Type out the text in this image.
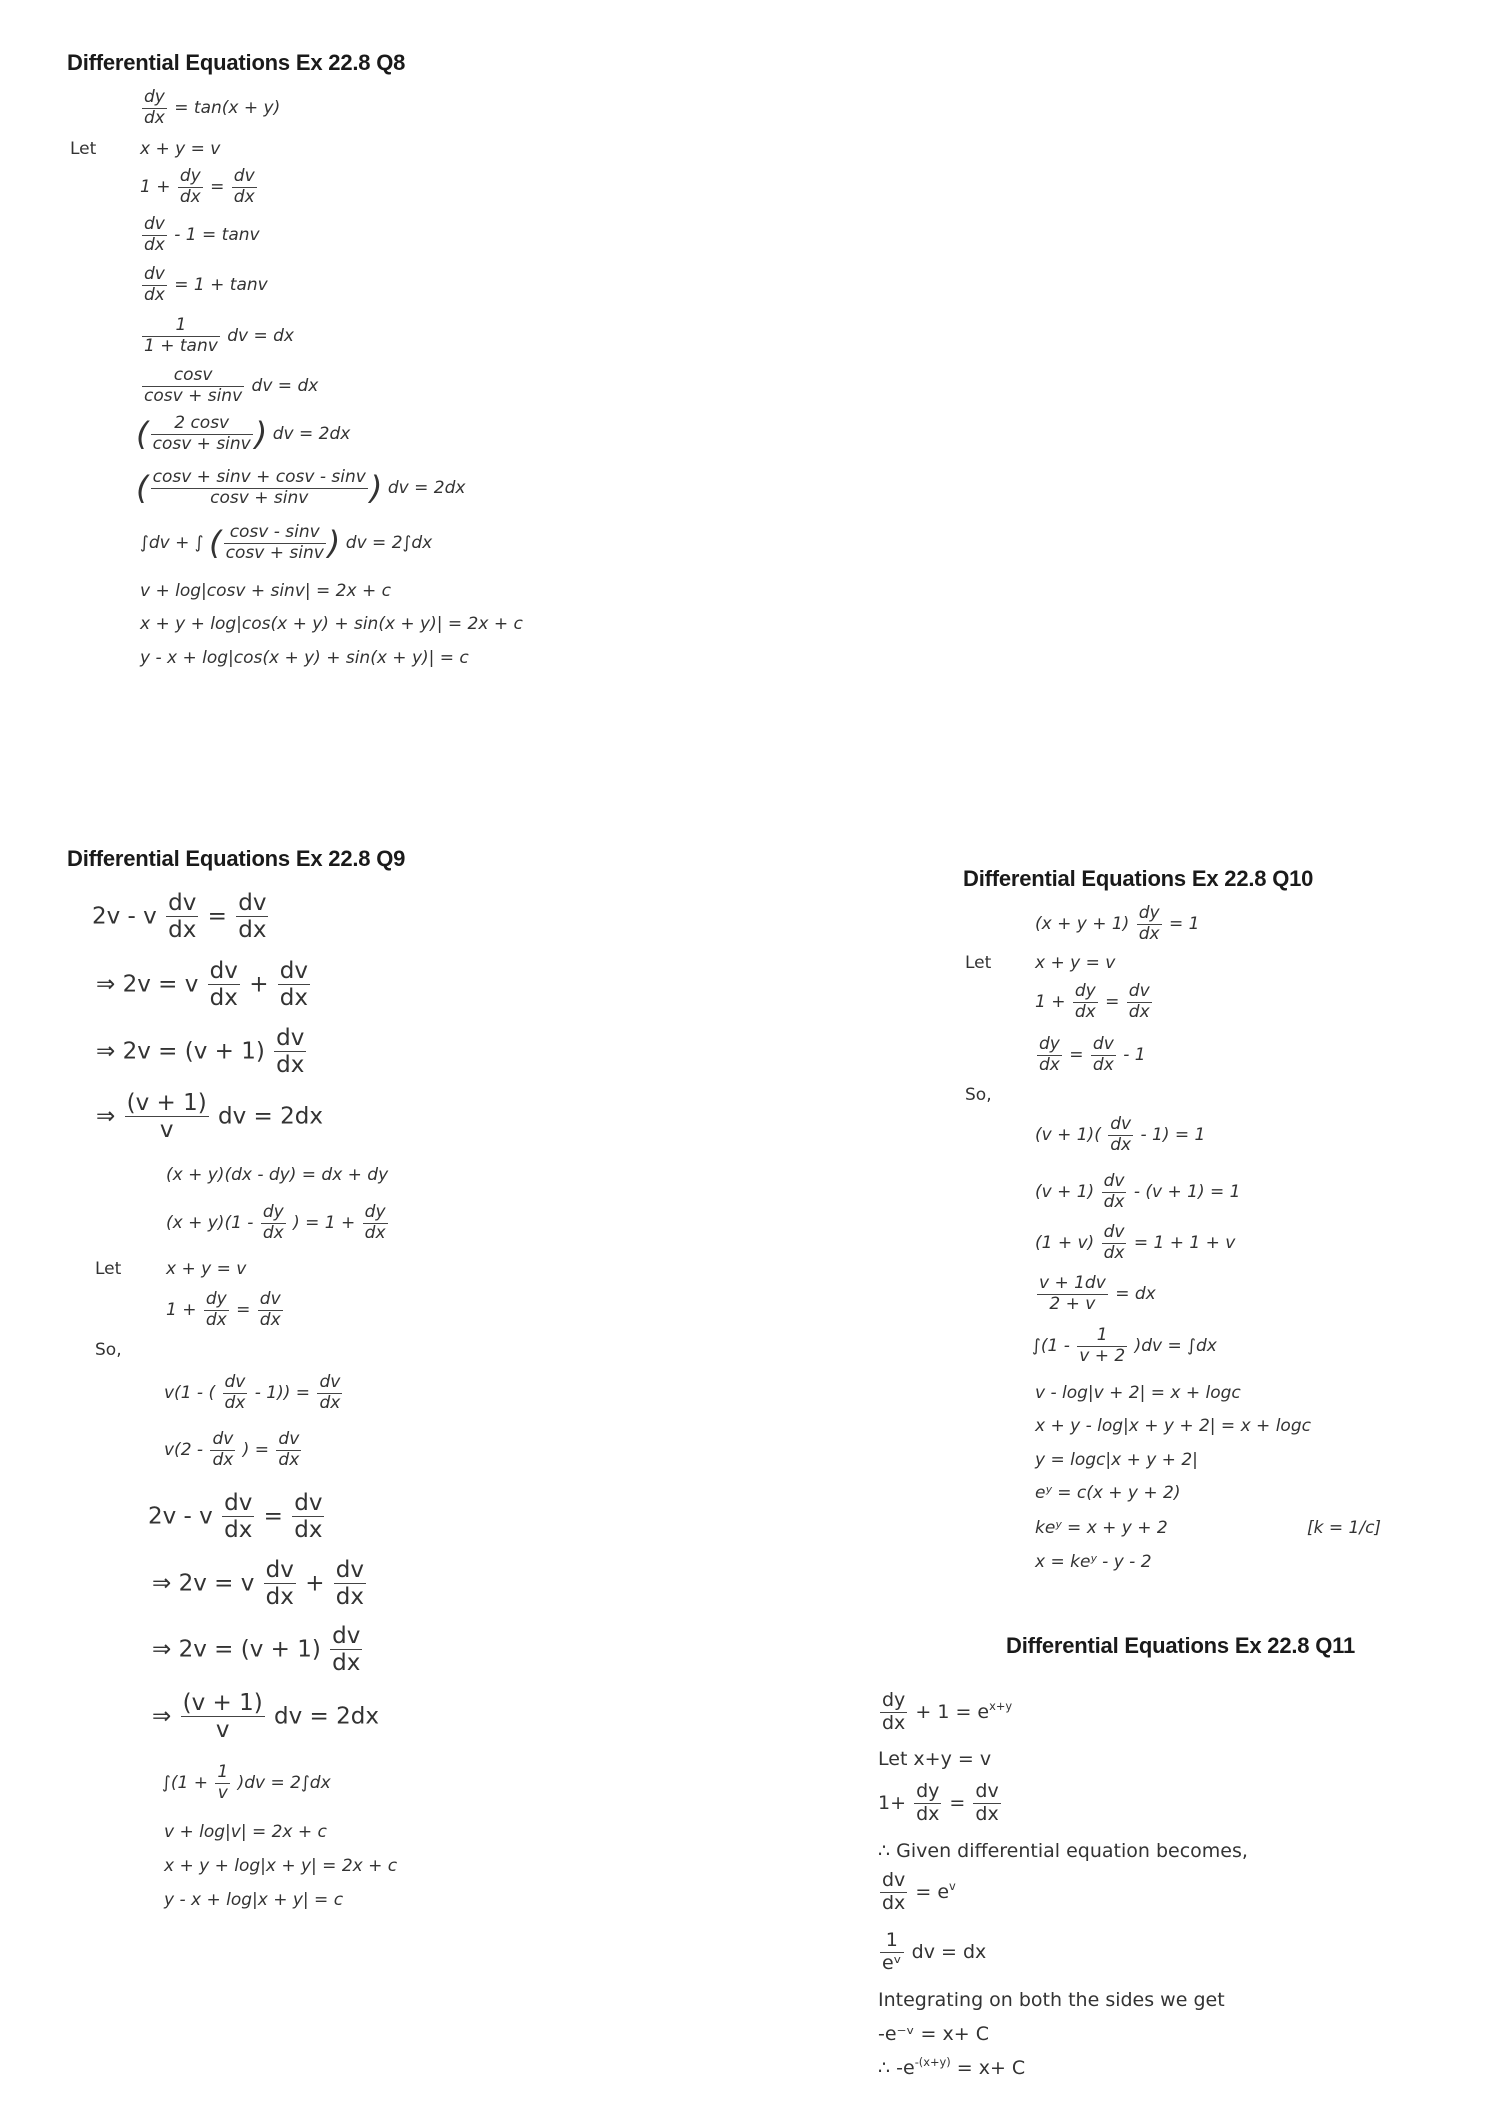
Differential Equations Ex 22.8 Q8
$\frac{dy}{dx} = \tan(x + y)$
Let	x + y = v
$1 + \frac{dy}{dx} = \frac{dv}{dx}$
$\frac{dv}{dx} - 1 = \tan v$
$\frac{dv}{dx} = 1 + \tan v$
$\frac{1}{1 + \tan v}$ dv = dx
$\frac{\cos v}{\cos v + \sin v}$ dv = dx
( $\frac{2 \cos v}{\cos v + \sin v}$ ) dv = 2dx
( $\frac{\cos v + \sin v + \cos v - \sin v}{\cos v + \sin v}$ ) dv = 2dx
∫dv + ∫ ( $\frac{\cos v - \sin v}{\cos v + \sin v}$ ) dv = 2∫dx
v + log|cosv + sinv| = 2x + c
x + y + log|cos(x + y) + sin(x + y)| = 2x + c
y - x + log|cos(x + y) + sin(x + y)| = c
Differential Equations Ex 22.8 Q9
2v - v $\frac{dv}{dx} = \frac{dv}{dx}$
⇒ 2v = v $\frac{dv}{dx} + \frac{dv}{dx}$
⇒ $2v = (v + 1) \frac{dv}{dx}$
⇒ $\frac{(v + 1)}{v}$ dv = 2dx
(x + y)(dx - dy) = dx + dy
$(x + y)(1 - \frac{dy}{dx}$ ) = $1 + \frac{dy}{dx}$
Let	x + y = v
$1 + \frac{dy}{dx} = \frac{dv}{dx}$
So,
v(1 - ( $\frac{dv}{dx} - 1)) = \frac{dv}{dx}$
$v(2 - \frac{dv}{dx}$ ) = $\frac{dv}{dx}$
2v - v $\frac{dv}{dx} = \frac{dv}{dx}$
⇒ 2v = v $\frac{dv}{dx} + \frac{dv}{dx}$
⇒ $2v = (v + 1) \frac{dv}{dx}$
⇒ $\frac{(v + 1)}{v}$ dv = 2dx
$\int(1 + \frac{1}{v} )dv = 2\int dx$
v + log|v| = 2x + c
x + y + log|x + y| = 2x + c
y - x + log|x + y| = c
Differential Equations Ex 22.8 Q10
$(x + y + 1) \frac{dy}{dx} = 1$
Let	x + y = v
$1 + \frac{dy}{dx} = \frac{dv}{dx}$
$\frac{dy}{dx} = \frac{dv}{dx} - 1$
So,
$(v + 1)( \frac{dv}{dx} - 1) = 1$
$(v + 1) \frac{dv}{dx} - (v + 1) = 1$
$(1 + v) \frac{dv}{dx} = 1 + 1 + v$
$\frac{v + 1dv}{2 + v}$ = dx
$\int(1 - \frac{1}{v + 2} )dv = \int dx$
v - log|v + 2| = x + logc
x + y - log|x + y + 2| = x + logc
y = logc|x + y + 2|
eʸ = c(x + y + 2)
keʸ = x + y + 2	[k = 1/c]
x = keʸ - y - 2
Differential Equations Ex 22.8 Q11
$\frac{dy}{dx} + 1 = e^{x+y}$
Let x+y = v
$1+ \frac{dy}{dx} = \frac{dv}{dx}$
∴ Given differential equation becomes,
$\frac{dv}{dx} = e^v$
$\frac{1}{\text{eᵛ}}$ dv = dx
Integrating on both the sides we get
-e⁻ᵛ = x+ C
∴ $-e^{-(x+y)} = x+ C$
